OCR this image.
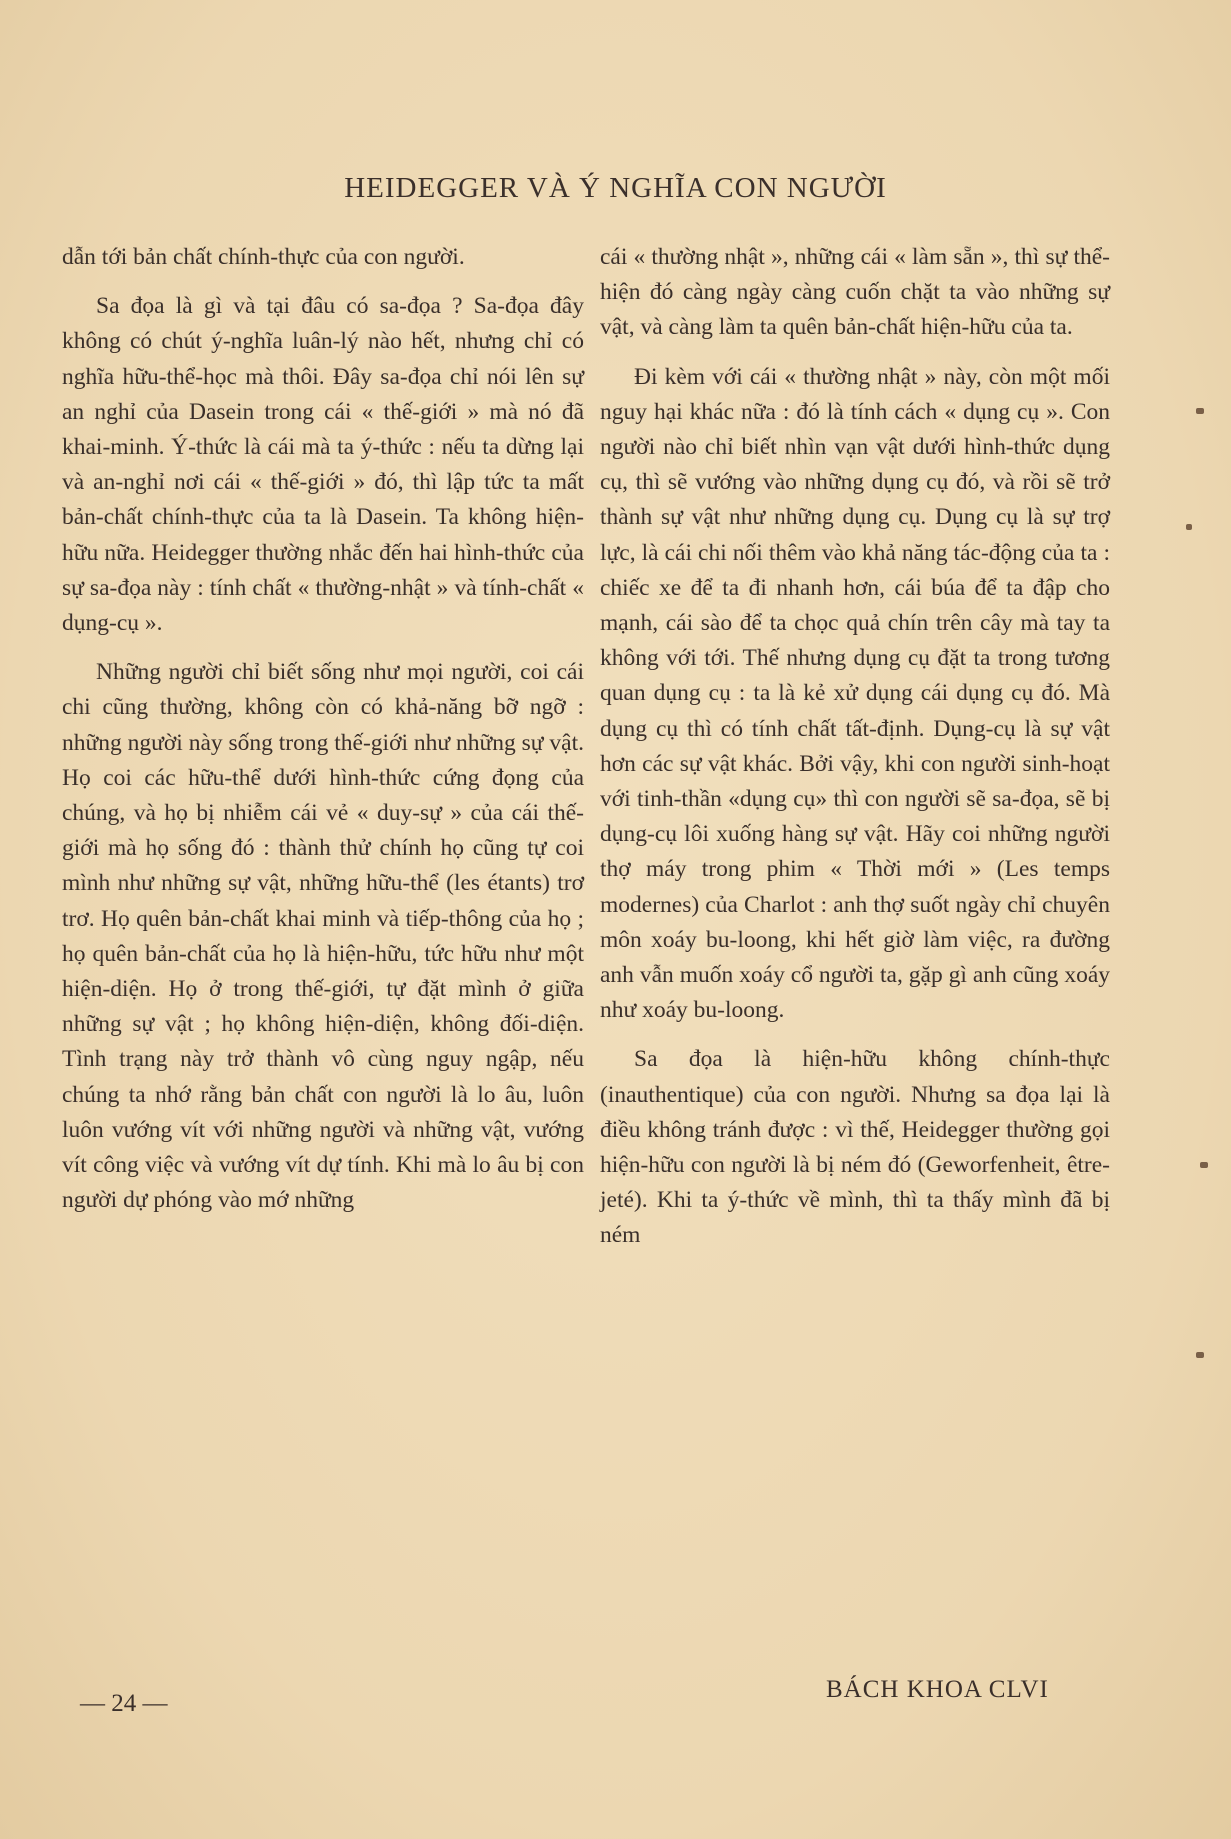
HEIDEGGER VÀ Ý NGHĨA CON NGƯỜI

dẫn tới bản chất chính-thực của con người.

Sa đọa là gì và tại đâu có sa-đọa ? Sa-đọa đây không có chút ý-nghĩa luân-lý nào hết, nhưng chỉ có nghĩa hữu-thể-học mà thôi. Đây sa-đọa chỉ nói lên sự an nghỉ của Dasein trong cái « thế-giới » mà nó đã khai-minh. Ý-thức là cái mà ta ý-thức : nếu ta dừng lại và an-nghỉ nơi cái « thế-giới » đó, thì lập tức ta mất bản-chất chính-thực của ta là Dasein. Ta không hiện-hữu nữa. Heidegger thường nhắc đến hai hình-thức của sự sa-đọa này : tính chất « thường-nhật » và tính-chất « dụng-cụ ».

Những người chỉ biết sống như mọi người, coi cái chi cũng thường, không còn có khả-năng bỡ ngỡ : những người này sống trong thế-giới như những sự vật. Họ coi các hữu-thể dưới hình-thức cứng đọng của chúng, và họ bị nhiễm cái vẻ « duy-sự » của cái thế-giới mà họ sống đó : thành thử chính họ cũng tự coi mình như những sự vật, những hữu-thể (les étants) trơ trơ. Họ quên bản-chất khai minh và tiếp-thông của họ ; họ quên bản-chất của họ là hiện-hữu, tức hữu như một hiện-diện. Họ ở trong thế-giới, tự đặt mình ở giữa những sự vật ; họ không hiện-diện, không đối-diện. Tình trạng này trở thành vô cùng nguy ngập, nếu chúng ta nhớ rằng bản chất con người là lo âu, luôn luôn vướng vít với những người và những vật, vướng vít công việc và vướng vít dự tính. Khi mà lo âu bị con người dự phóng vào mớ những

cái « thường nhật », những cái « làm sẵn », thì sự thể-hiện đó càng ngày càng cuốn chặt ta vào những sự vật, và càng làm ta quên bản-chất hiện-hữu của ta.

Đi kèm với cái « thường nhật » này, còn một mối nguy hại khác nữa : đó là tính cách « dụng cụ ». Con người nào chỉ biết nhìn vạn vật dưới hình-thức dụng cụ, thì sẽ vướng vào những dụng cụ đó, và rồi sẽ trở thành sự vật như những dụng cụ. Dụng cụ là sự trợ lực, là cái chi nối thêm vào khả năng tác-động của ta : chiếc xe để ta đi nhanh hơn, cái búa để ta đập cho mạnh, cái sào để ta chọc quả chín trên cây mà tay ta không với tới. Thế nhưng dụng cụ đặt ta trong tương quan dụng cụ : ta là kẻ xử dụng cái dụng cụ đó. Mà dụng cụ thì có tính chất tất-định. Dụng-cụ là sự vật hơn các sự vật khác. Bởi vậy, khi con người sinh-hoạt với tinh-thần «dụng cụ» thì con người sẽ sa-đọa, sẽ bị dụng-cụ lôi xuống hàng sự vật. Hãy coi những người thợ máy trong phim « Thời mới » (Les temps modernes) của Charlot : anh thợ suốt ngày chỉ chuyên môn xoáy bu-loong, khi hết giờ làm việc, ra đường anh vẫn muốn xoáy cổ người ta, gặp gì anh cũng xoáy như xoáy bu-loong.

Sa đọa là hiện-hữu không chính-thực (inauthentique) của con người. Nhưng sa đọa lại là điều không tránh được : vì thế, Heidegger thường gọi hiện-hữu con người là bị ném đó (Geworfenheit, être-jeté). Khi ta ý-thức về mình, thì ta thấy mình đã bị ném

— 24 —
BÁCH KHOA CLVI
